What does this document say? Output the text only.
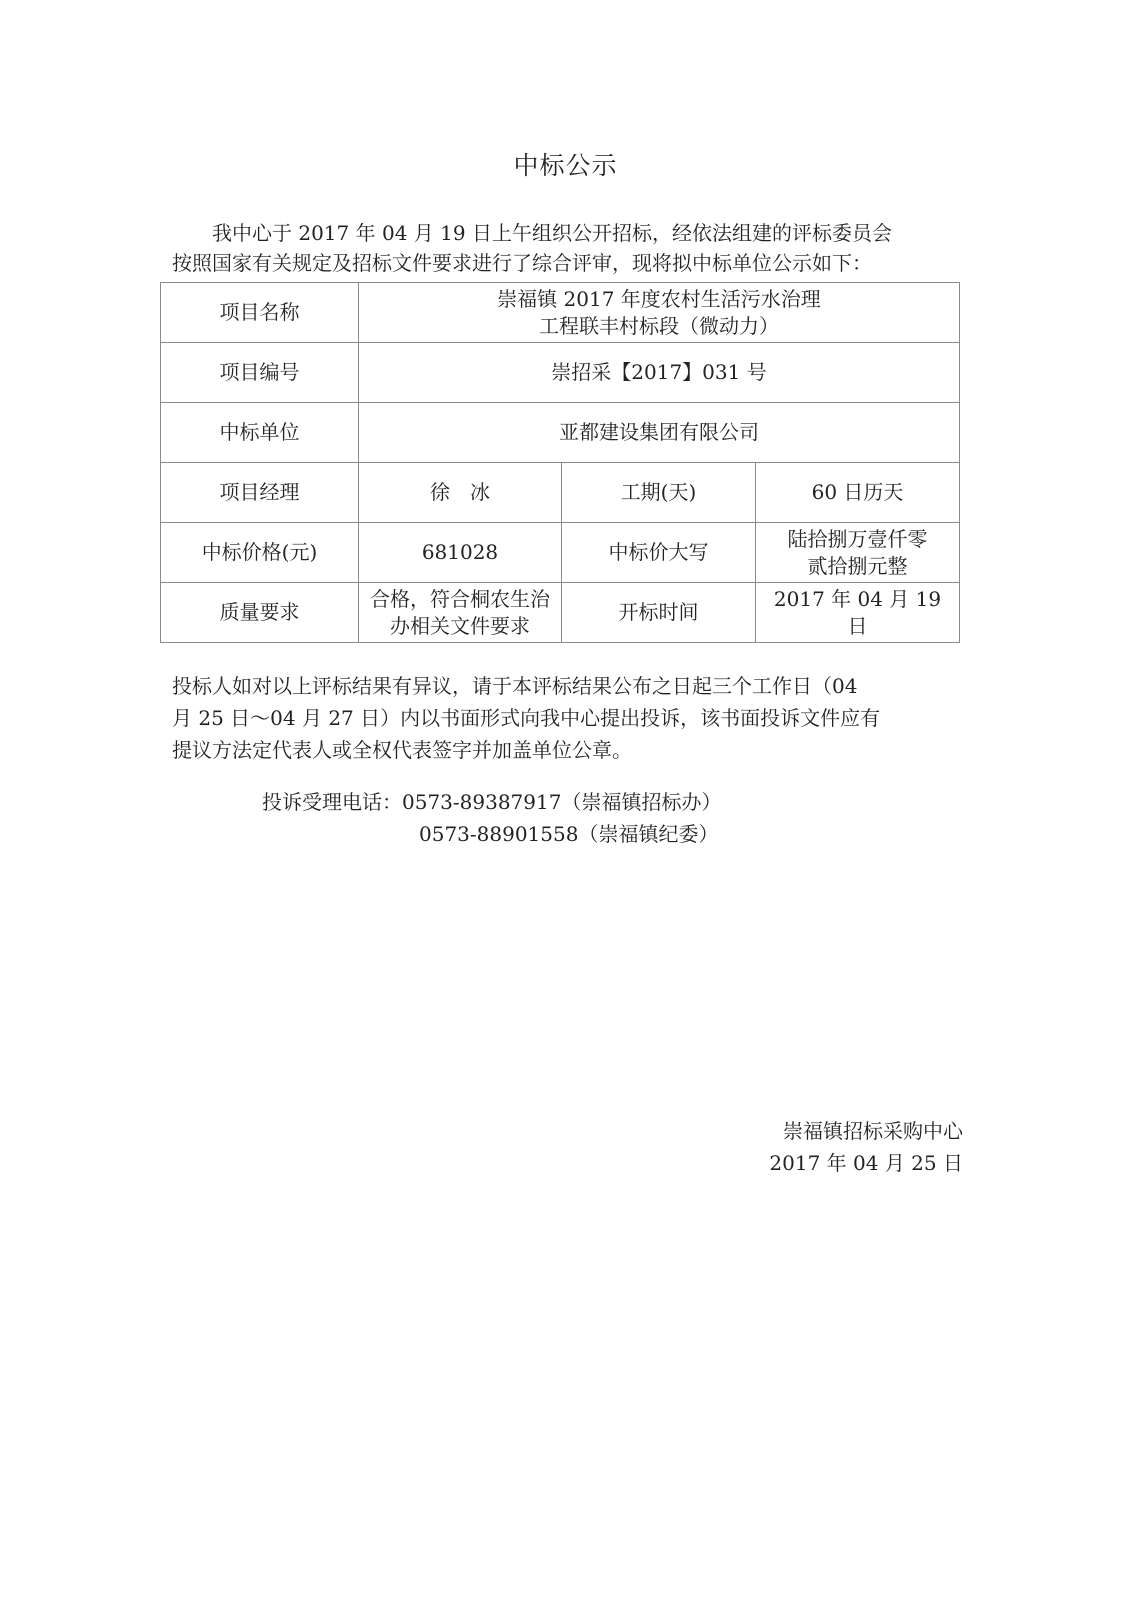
中标公示

我中心于 2017 年 04 月 19 日上午组织公开招标，经依法组建的评标委员会

按照国家有关规定及招标文件要求进行了综合评审，现将拟中标单位公示如下：

项目名称	崇福镇 2017 年度农村生活污水治理工程联丰村标段（微动力）		

项目编号	崇招采【2017】031 号		
中标单位	亚都建设集团有限公司		
项目经理	徐　冰	工期(天)	60 日历天
中标价格(元)	681028	中标价大写	陆拾捌万壹仟零贰拾捌元整

质量要求	合格，符合桐农生治办相关文件要求	开标时间	2017 年 04 月 19 日

投标人如对以上评标结果有异议，请于本评标结果公布之日起三个工作日（04

月 25 日～04 月 27 日）内以书面形式向我中心提出投诉，该书面投诉文件应有

提议方法定代表人或全权代表签字并加盖单位公章。

投诉受理电话：0573-89387917（崇福镇招标办）
0573-88901558（崇福镇纪委）
崇福镇招标采购中心
2017 年 04 月 25 日
